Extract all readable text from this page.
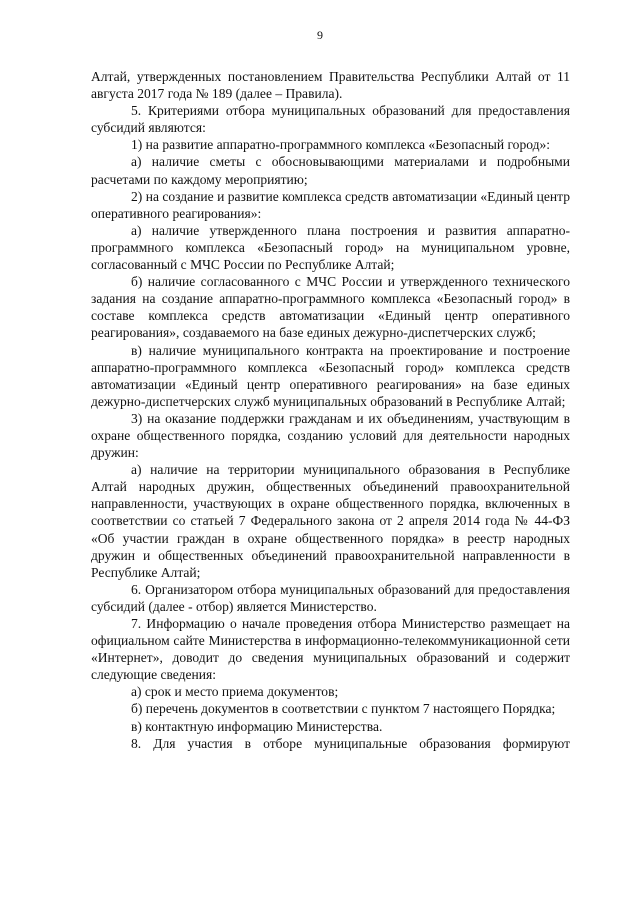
9

Алтай, утвержденных постановлением Правительства Республики Алтай от 11 августа 2017 года № 189 (далее – Правила).

5. Критериями отбора муниципальных образований для предоставления субсидий являются:

1) на развитие аппаратно-программного комплекса «Безопасный город»:

а) наличие сметы с обосновывающими материалами и подробными расчетами по каждому мероприятию;

2) на создание и развитие комплекса средств автоматизации «Единый центр оперативного реагирования»:

а) наличие утвержденного плана построения и развития аппаратно-программного комплекса «Безопасный город» на муниципальном уровне, согласованный с МЧС России по Республике Алтай;

б) наличие согласованного с МЧС России и утвержденного технического задания на создание аппаратно-программного комплекса «Безопасный город» в составе комплекса средств автоматизации «Единый центр оперативного реагирования», создаваемого на базе единых дежурно-диспетчерских служб;

в) наличие муниципального контракта на проектирование и построение аппаратно-программного комплекса «Безопасный город» комплекса средств автоматизации «Единый центр оперативного реагирования» на базе единых дежурно-диспетчерских служб муниципальных образований в Республике Алтай;

3) на оказание поддержки гражданам и их объединениям, участвующим в охране общественного порядка, созданию условий для деятельности народных дружин:

а) наличие на территории муниципального образования в Республике Алтай народных дружин, общественных объединений правоохранительной направленности, участвующих в охране общественного порядка, включенных в соответствии со статьей 7 Федерального закона от 2 апреля 2014 года № 44-ФЗ «Об участии граждан в охране общественного порядка» в реестр народных дружин и общественных объединений правоохранительной направленности в Республике Алтай;

6. Организатором отбора муниципальных образований для предоставления субсидий (далее - отбор) является Министерство.

7. Информацию о начале проведения отбора Министерство размещает на официальном сайте Министерства в информационно-телекоммуникационной сети «Интернет», доводит до сведения муниципальных образований и содержит следующие сведения:

а) срок и место приема документов;

б) перечень документов в соответствии с пунктом 7 настоящего Порядка;

в) контактную информацию Министерства.

8. Для участия в отборе муниципальные образования формируют
